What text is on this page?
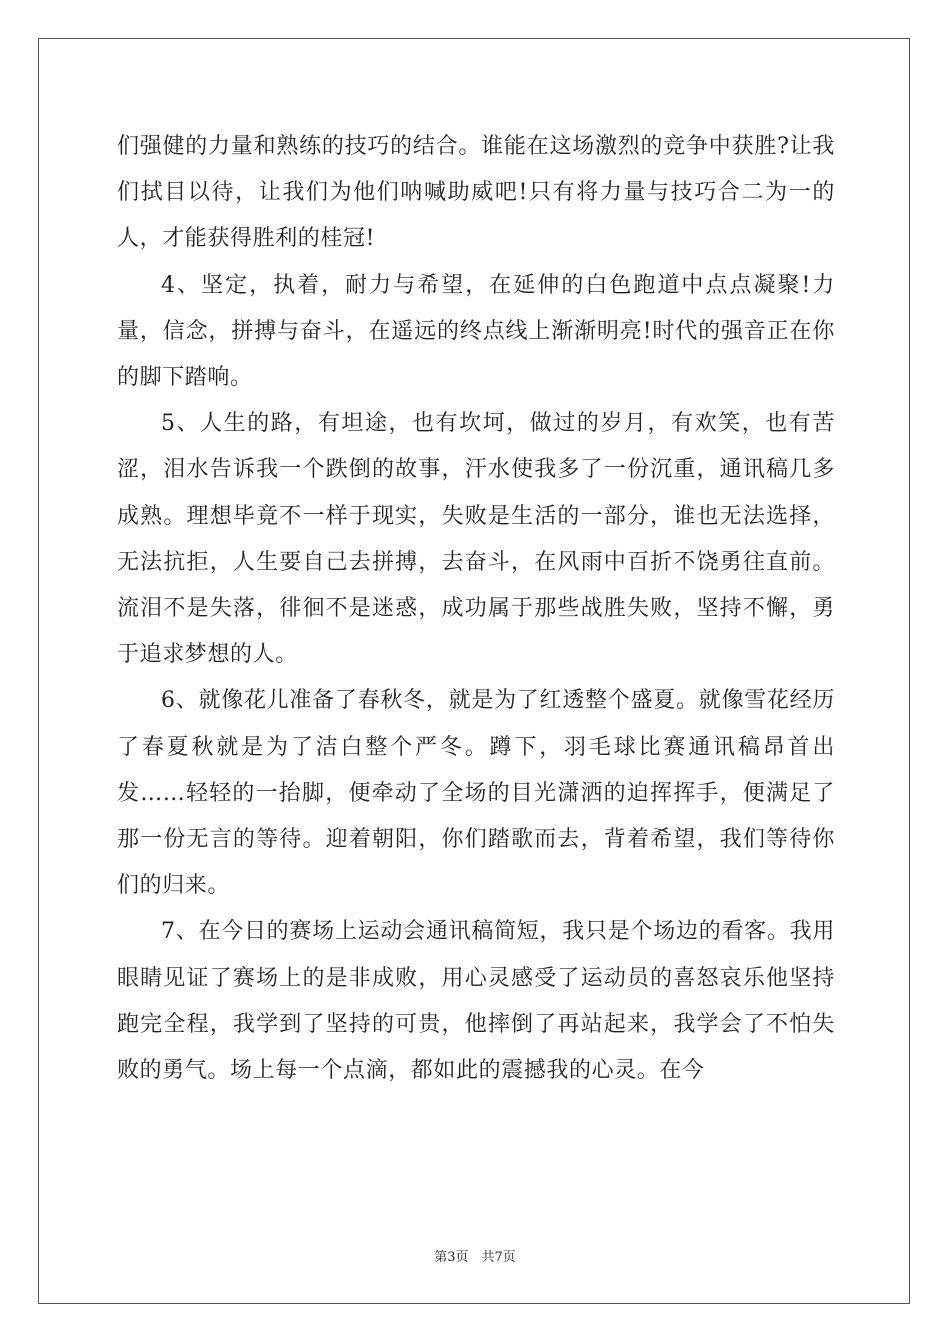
们强健的力量和熟练的技巧的结合。谁能在这场激烈的竞争中获胜?让我们拭目以待，让我们为他们呐喊助威吧!只有将力量与技巧合二为一的人，才能获得胜利的桂冠!

4、坚定，执着，耐力与希望，在延伸的白色跑道中点点凝聚!力量，信念，拼搏与奋斗，在遥远的终点线上渐渐明亮!时代的强音正在你的脚下踏响。

5、人生的路，有坦途，也有坎坷，做过的岁月，有欢笑，也有苦涩，泪水告诉我一个跌倒的故事，汗水使我多了一份沉重，通讯稿几多成熟。理想毕竟不一样于现实，失败是生活的一部分，谁也无法选择，无法抗拒，人生要自己去拼搏，去奋斗，在风雨中百折不饶勇往直前。流泪不是失落，徘徊不是迷惑，成功属于那些战胜失败，坚持不懈，勇于追求梦想的人。

6、就像花儿准备了春秋冬，就是为了红透整个盛夏。就像雪花经历了春夏秋就是为了洁白整个严冬。蹲下，羽毛球比赛通讯稿昂首出发……轻轻的一抬脚，便牵动了全场的目光潇洒的迫挥挥手，便满足了那一份无言的等待。迎着朝阳，你们踏歌而去，背着希望，我们等待你们的归来。

7、在今日的赛场上运动会通讯稿简短，我只是个场边的看客。我用眼睛见证了赛场上的是非成败，用心灵感受了运动员的喜怒哀乐他坚持跑完全程，我学到了坚持的可贵，他摔倒了再站起来，我学会了不怕失败的勇气。场上每一个点滴，都如此的震撼我的心灵。在今

第3页　共7页
